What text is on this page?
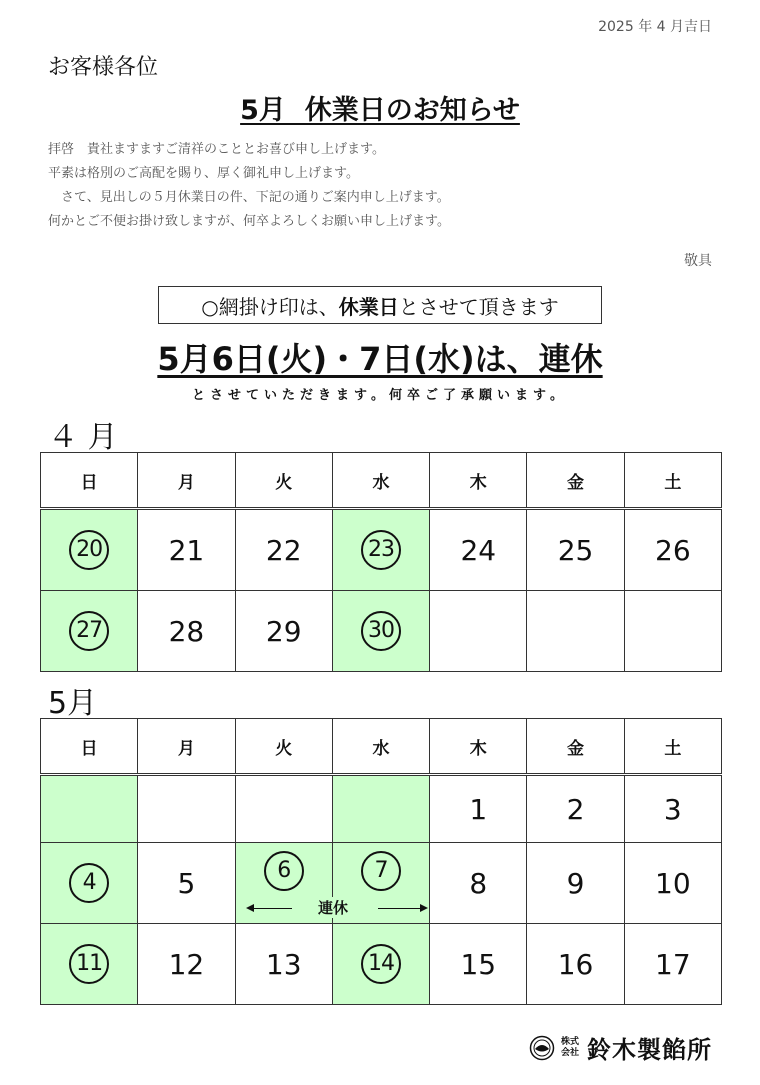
2025 年 4 月吉日
お客様各位
5月  休業日のお知らせ
拝啓　貴社ますますご清祥のこととお喜び申し上げます。
平素は格別のご高配を賜り、厚く御礼申し上げます。
　さて、見出しの５月休業日の件、下記の通りご案内申し上げます。
何かとご不便お掛け致しますが、何卒よろしくお願い申し上げます。
敬具
○網掛け印は、 休業日 とさせて頂きます
5月6日(火)・7日(水)は、連休
とさせていただきます。何卒ご了承願います。
４ 月
日	月	火	水	木	金	土
20	21	22	23	24	25	26
27	28	29	30			
5月
日	月	火	水	木	金	土
				1	2	3
4	5	6	7	8	9	10
11	12	13	14	15	16	17
連休
株式会社 鈴木製餡所
